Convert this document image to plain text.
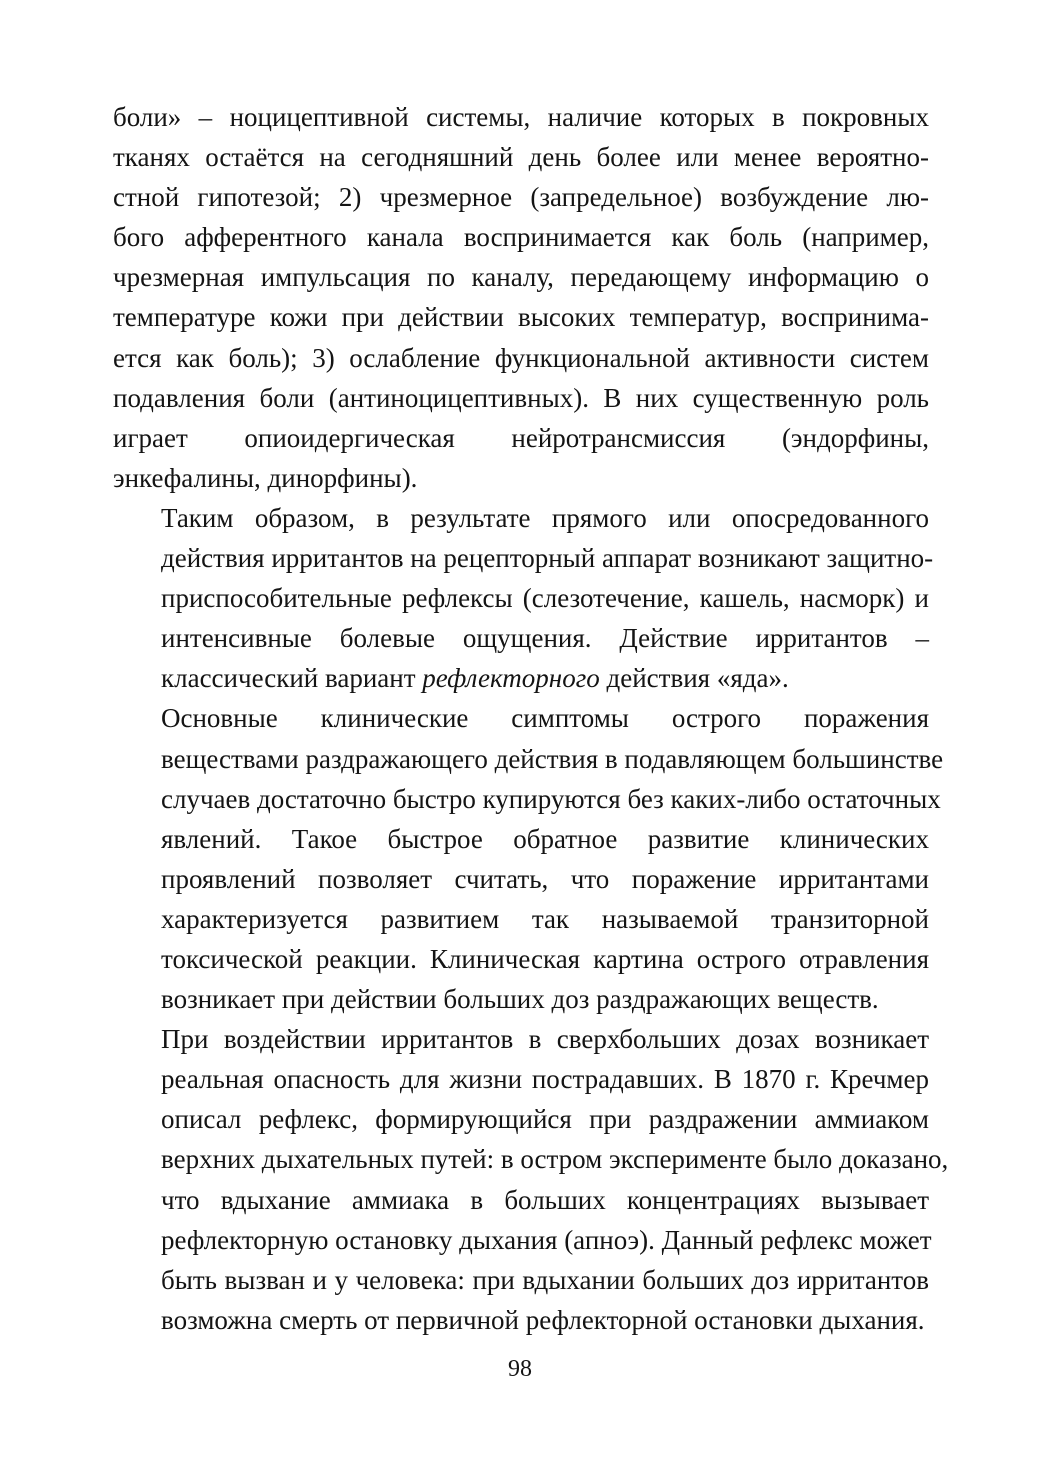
боли» – ноцицептивной системы, наличие которых в покровных
тканях остаётся на сегодняшний день более или менее вероятно-
стной гипотезой; 2) чрезмерное (запредельное) возбуждение лю-
бого афферентного канала воспринимается как боль (например,
чрезмерная импульсация по каналу, передающему информацию о
температуре кожи при действии высоких температур, воспринима-
ется как боль); 3) ослабление функциональной активности систем
подавления боли (антиноцицептивных). В них существенную роль
играет опиоидергическая нейротрансмиссия (эндорфины,
энкефалины, динорфины).

Таким образом, в результате прямого или опосредованного
действия ирритантов на рецепторный аппарат возникают защитно-
приспособительные рефлексы (слезотечение, кашель, насморк) и
интенсивные болевые ощущения. Действие ирритантов –
классический вариант рефлекторного действия «яда».

Основные клинические симптомы острого поражения
веществами раздражающего действия в подавляющем большинстве
случаев достаточно быстро купируются без каких-либо остаточных
явлений. Такое быстрое обратное развитие клинических
проявлений позволяет считать, что поражение ирритантами
характеризуется развитием так называемой транзиторной
токсической реакции. Клиническая картина острого отравления
возникает при действии больших доз раздражающих веществ.

При воздействии ирритантов в сверхбольших дозах возникает
реальная опасность для жизни пострадавших. В 1870 г. Кречмер
описал рефлекс, формирующийся при раздражении аммиаком
верхних дыхательных путей: в остром эксперименте было доказано,
что вдыхание аммиака в больших концентрациях вызывает
рефлекторную остановку дыхания (апноэ). Данный рефлекс может
быть вызван и у человека: при вдыхании больших доз ирритантов
возможна смерть от первичной рефлекторной остановки дыхания.

98
